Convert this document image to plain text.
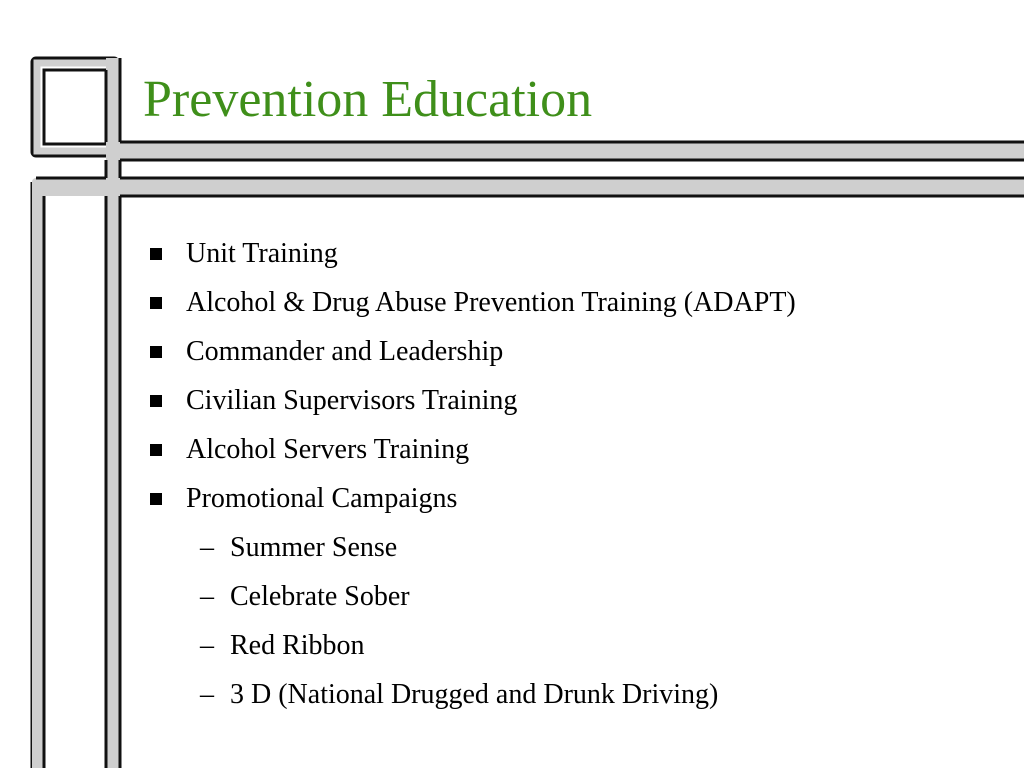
Prevention Education
Unit Training
Alcohol & Drug Abuse Prevention Training (ADAPT)
Commander and Leadership
Civilian Supervisors Training
Alcohol Servers Training
Promotional Campaigns
– Summer Sense
– Celebrate Sober
– Red Ribbon
– 3 D (National Drugged and Drunk Driving)
